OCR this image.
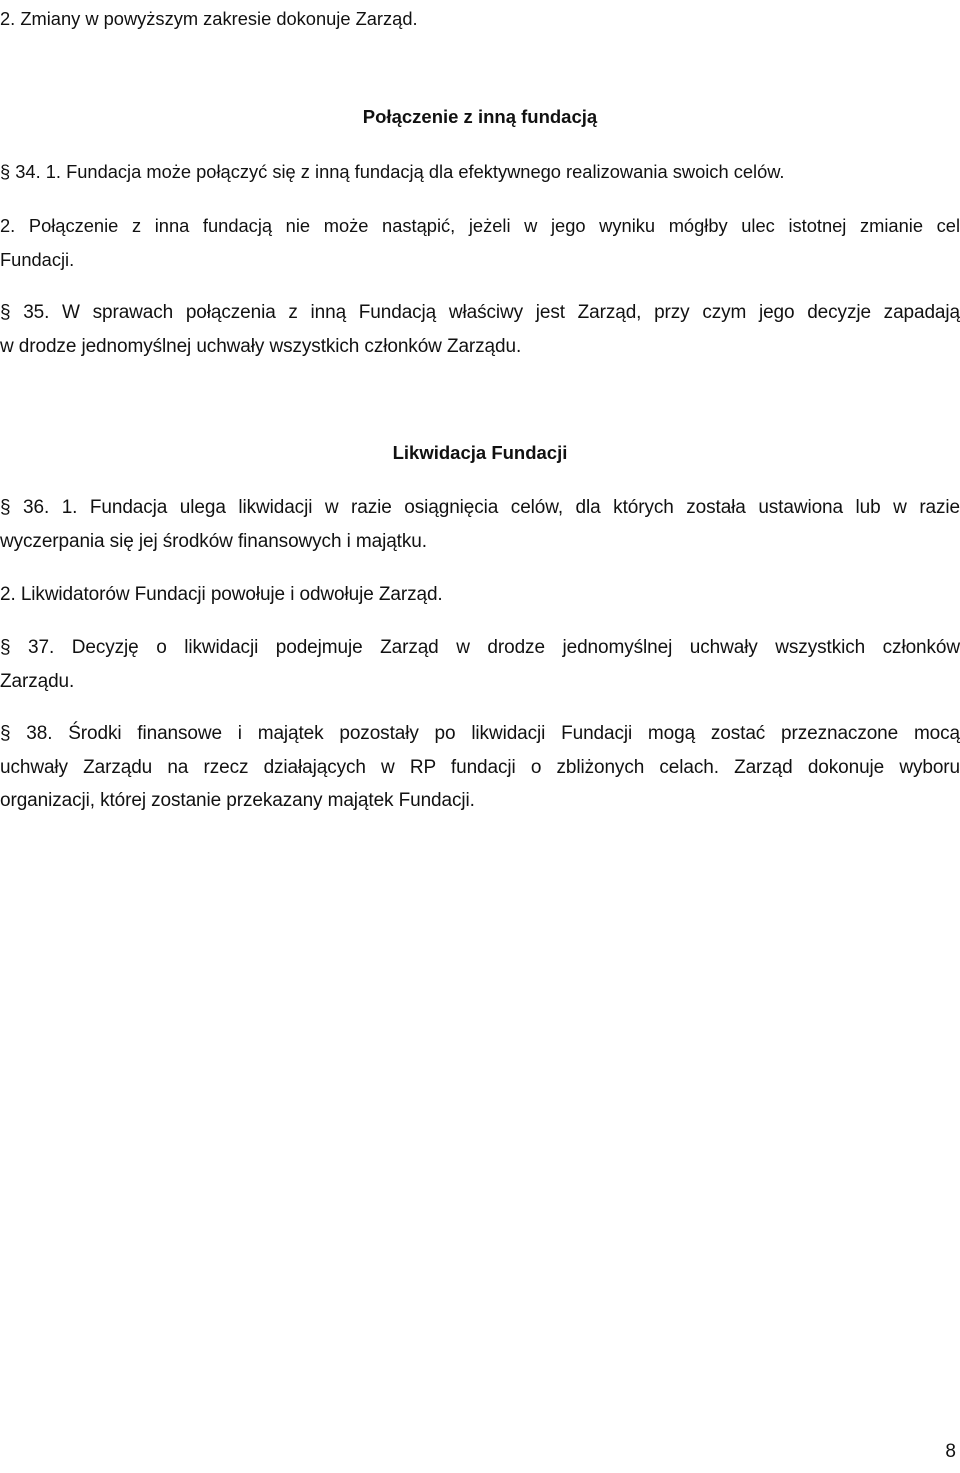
2. Zmiany w powyższym zakresie dokonuje Zarząd.
Połączenie z inną fundacją
§ 34. 1. Fundacja może połączyć się z inną fundacją dla efektywnego realizowania swoich celów.
2. Połączenie z inna fundacją nie może nastąpić, jeżeli w jego wyniku mógłby ulec istotnej zmianie cel
Fundacji.
§ 35. W sprawach połączenia z inną Fundacją właściwy jest Zarząd, przy czym jego decyzje zapadają
w drodze jednomyślnej uchwały wszystkich członków Zarządu.
Likwidacja Fundacji
§ 36. 1. Fundacja ulega likwidacji w razie osiągnięcia celów, dla których została ustawiona lub w razie
wyczerpania się jej środków finansowych i majątku.
2. Likwidatorów Fundacji powołuje i odwołuje Zarząd.
§ 37. Decyzję o likwidacji podejmuje Zarząd w drodze jednomyślnej uchwały wszystkich członków
Zarządu.
§ 38. Środki finansowe i majątek pozostały po likwidacji Fundacji mogą zostać przeznaczone mocą
uchwały Zarządu na rzecz działających w RP fundacji o zbliżonych celach. Zarząd dokonuje wyboru
organizacji, której zostanie przekazany majątek Fundacji.
8
